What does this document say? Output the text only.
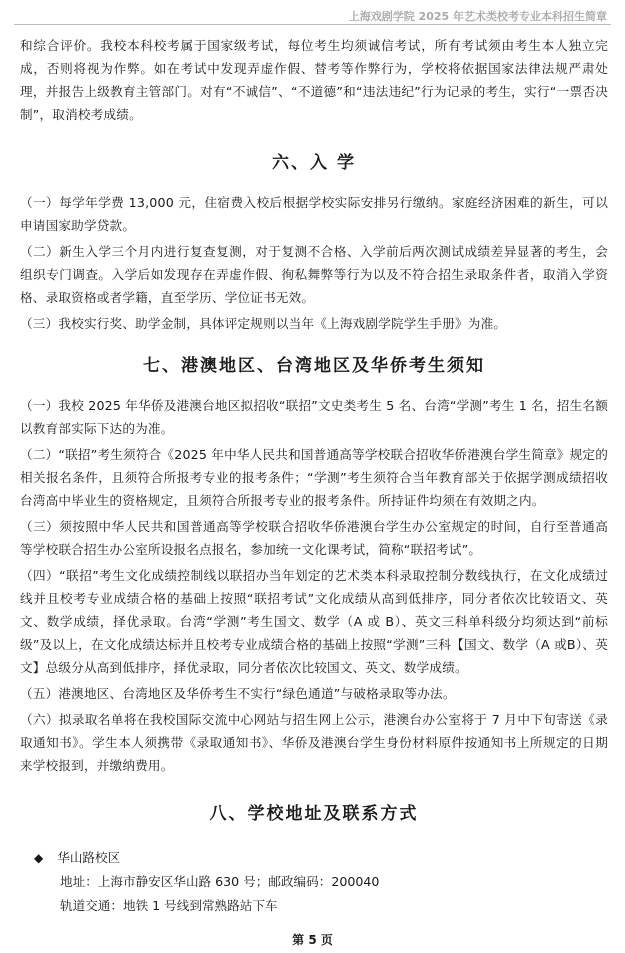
上海戏剧学院 2025 年艺术类校考专业本科招生简章

和综合评价。我校本科校考属于国家级考试，每位考生均须诚信考试，所有考试须由考生本人独立完成，否则将视为作弊。如在考试中发现弄虚作假、替考等作弊行为，学校将依据国家法律法规严肃处理，并报告上级教育主管部门。对有“不诚信”、“不道德”和“违法违纪”行为记录的考生，实行“一票否决制”，取消校考成绩。

六、入 学

（一）每学年学费 13,000 元，住宿费入校后根据学校实际安排另行缴纳。家庭经济困难的新生，可以申请国家助学贷款。

（二）新生入学三个月内进行复查复测，对于复测不合格、入学前后两次测试成绩差异显著的考生，会组织专门调查。入学后如发现存在弄虚作假、徇私舞弊等行为以及不符合招生录取条件者，取消入学资格、录取资格或者学籍，直至学历、学位证书无效。

（三）我校实行奖、助学金制，具体评定规则以当年《上海戏剧学院学生手册》为准。

七、港澳地区、台湾地区及华侨考生须知

（一）我校 2025 年华侨及港澳台地区拟招收“联招”文史类考生 5 名、台湾“学测”考生 1 名，招生名额以教育部实际下达的为准。

（二）“联招”考生须符合《2025 年中华人民共和国普通高等学校联合招收华侨港澳台学生简章》规定的相关报名条件，且须符合所报考专业的报考条件；“学测”考生须符合当年教育部关于依据学测成绩招收台湾高中毕业生的资格规定，且须符合所报考专业的报考条件。所持证件均须在有效期之内。

（三）须按照中华人民共和国普通高等学校联合招收华侨港澳台学生办公室规定的时间，自行至普通高等学校联合招生办公室所设报名点报名，参加统一文化课考试，简称“联招考试”。

（四）“联招”考生文化成绩控制线以联招办当年划定的艺术类本科录取控制分数线执行，在文化成绩过线并且校考专业成绩合格的基础上按照“联招考试”文化成绩从高到低排序，同分者依次比较语文、英文、数学成绩，择优录取。台湾“学测”考生国文、数学（A 或 B）、英文三科单科级分均须达到“前标级”及以上，在文化成绩达标并且校考专业成绩合格的基础上按照“学测”三科【国文、数学（A 或B）、英文】总级分从高到低排序，择优录取，同分者依次比较国文、英文、数学成绩。

（五）港澳地区、台湾地区及华侨考生不实行“绿色通道”与破格录取等办法。

（六）拟录取名单将在我校国际交流中心网站与招生网上公示，港澳台办公室将于 7 月中下旬寄送《录取通知书》。学生本人须携带《录取通知书》、华侨及港澳台学生身份材料原件按通知书上所规定的日期来学校报到，并缴纳费用。

八、学校地址及联系方式
◆ 华山路校区
地址：上海市静安区华山路 630 号；邮政编码：200040
轨道交通：地铁 1 号线到常熟路站下车
第 5 页
